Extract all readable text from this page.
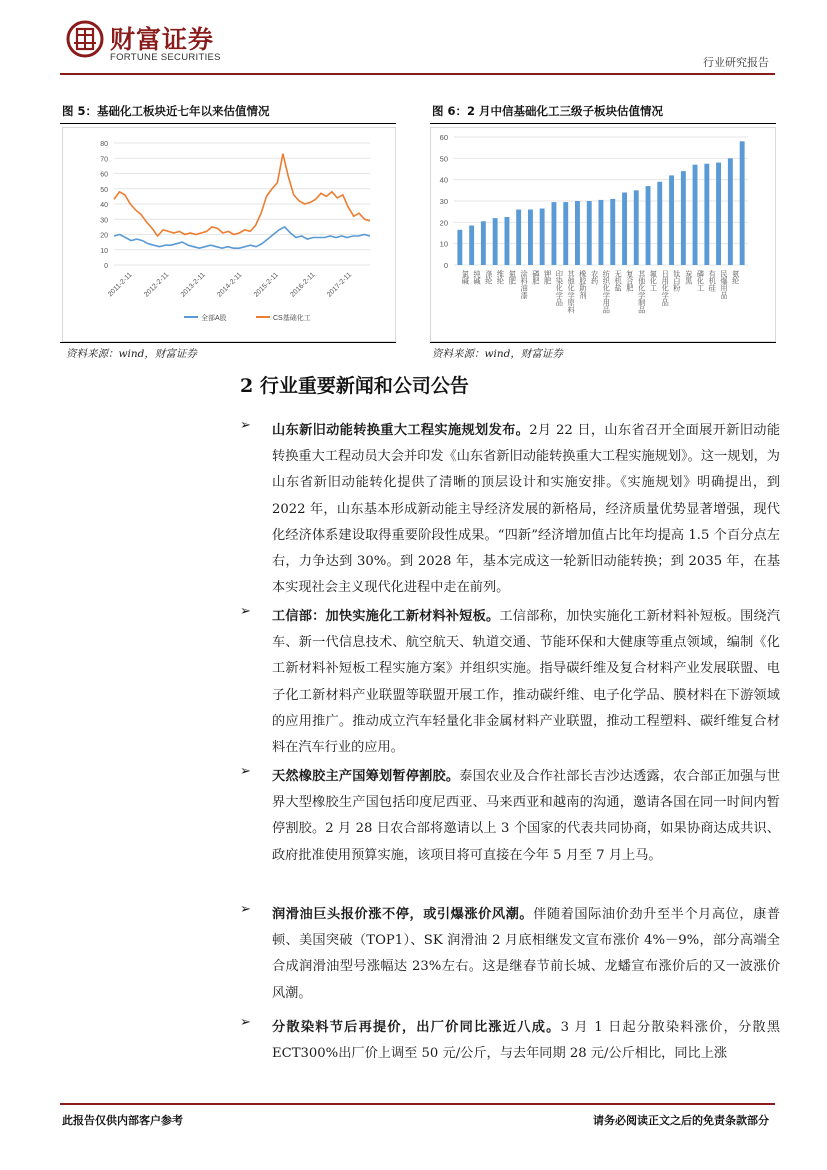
财富证券
FORTUNE SECURITIES	行业研究报告
图 5：基础化工板块近七年以来估值情况
0
10
20
30
40
50
60
70
80
2011-2-11 2012-2-11 2013-2-11 2014-2-11 2015-2-11 2016-2-11 2017-2-11
全部A股	CS基础化工
资料来源：wind，财富证券
图 6：2 月中信基础化工三级子板块估值情况
0
10
20
30
40
50
60
氯碱 纯碱 涤纶 维纶 氮肥 涂料油漆 磷肥 钾肥 印染化学品 其他化学原料 橡胶助剂 农药 纺织化学用品 无机盐 复合肥 其他化学制品 氟化工 日用化学品 钛白粉 炭黑 磷化工 有机硅 民爆用品 氨纶
资料来源：wind，财富证券
2 行业重要新闻和公司公告
➢ 山东新旧动能转换重大工程实施规划发布。2月 22 日，山东省召开全面展开新旧动能转换重大工程动员大会并印发《山东省新旧动能转换重大工程实施规划》。这一规划，为山东省新旧动能转化提供了清晰的顶层设计和实施安排。《实施规划》明确提出，到 2022 年，山东基本形成新动能主导经济发展的新格局，经济质量优势显著增强，现代化经济体系建设取得重要阶段性成果。“四新”经济增加值占比年均提高 1.5 个百分点左右，力争达到 30%。到 2028 年，基本完成这一轮新旧动能转换；到 2035 年，在基本实现社会主义现代化进程中走在前列。
➢ 工信部：加快实施化工新材料补短板。工信部称，加快实施化工新材料补短板。围绕汽车、新一代信息技术、航空航天、轨道交通、节能环保和大健康等重点领域，编制《化工新材料补短板工程实施方案》并组织实施。指导碳纤维及复合材料产业发展联盟、电子化工新材料产业联盟等联盟开展工作，推动碳纤维、电子化学品、膜材料在下游领域的应用推广。推动成立汽车轻量化非金属材料产业联盟，推动工程塑料、碳纤维复合材料在汽车行业的应用。
➢ 天然橡胶主产国筹划暂停割胶。泰国农业及合作社部长吉沙达透露，农合部正加强与世界大型橡胶生产国包括印度尼西亚、马来西亚和越南的沟通，邀请各国在同一时间内暂停割胶。2 月 28 日农合部将邀请以上 3 个国家的代表共同协商，如果协商达成共识、政府批准使用预算实施，该项目将可直接在今年 5 月至 7 月上马。
➢ 润滑油巨头报价涨不停，或引爆涨价风潮。伴随着国际油价劲升至半个月高位，康普顿、美国突破（TOP1）、SK 润滑油 2 月底相继发文宣布涨价 4%－9%，部分高端全合成润滑油型号涨幅达 23%左右。这是继春节前长城、龙蟠宣布涨价后的又一波涨价风潮。
➢ 分散染料节后再提价，出厂价同比涨近八成。3 月 1 日起分散染料涨价，分散黑 ECT300%出厂价上调至 50 元/公斤，与去年同期 28 元/公斤相比，同比上涨
此报告仅供内部客户参考	请务必阅读正文之后的免责条款部分
